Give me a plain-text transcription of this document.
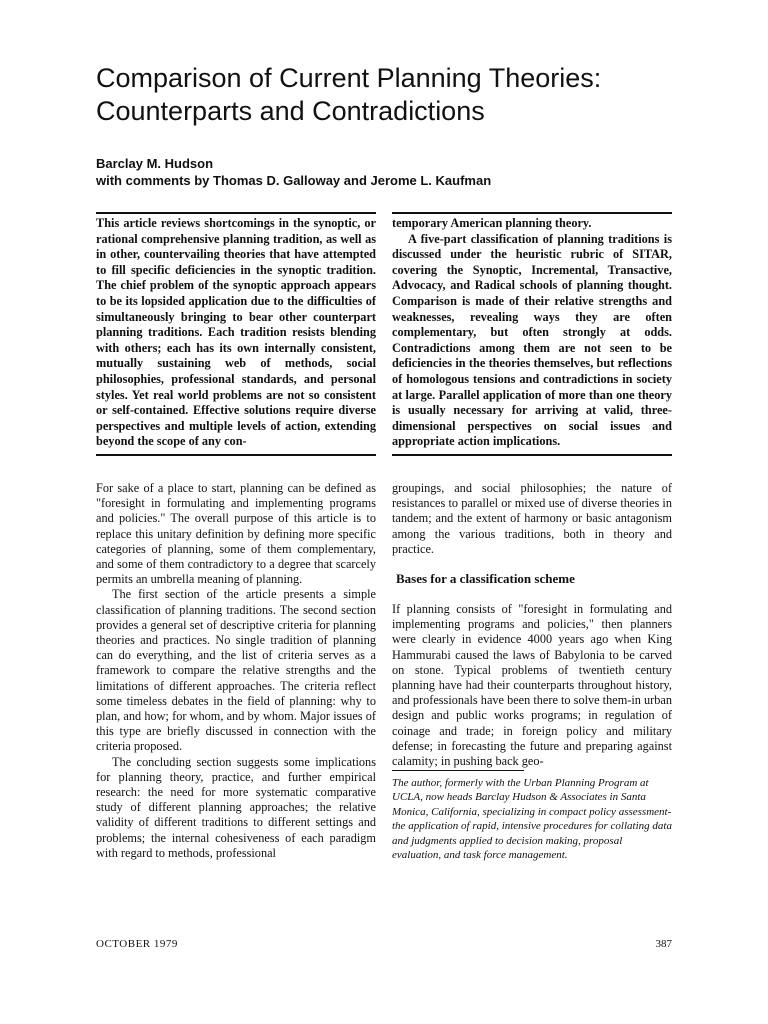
Comparison of Current Planning Theories:
Counterparts and Contradictions
Barclay M. Hudson
with comments by Thomas D. Galloway and Jerome L. Kaufman

This article reviews shortcomings in the synoptic, or rational comprehensive planning tradition, as well as in other, countervailing theories that have attempted to fill specific deficiencies in the synoptic tradition. The chief problem of the synoptic approach appears to be its lopsided application due to the difficulties of simultaneously bringing to bear other counterpart planning traditions. Each tradition resists blending with others; each has its own internally consistent, mutually sustaining web of methods, social philosophies, professional standards, and personal styles. Yet real world problems are not so consistent or self-contained. Effective solutions require diverse perspectives and multiple levels of action, extending beyond the scope of any con-

temporary American planning theory.

A five-part classification of planning traditions is discussed under the heuristic rubric of SITAR, covering the Synoptic, Incremental, Transactive, Advocacy, and Radical schools of planning thought. Comparison is made of their relative strengths and weaknesses, revealing ways they are often complementary, but often strongly at odds. Contradictions among them are not seen to be deficiencies in the theories themselves, but reflections of homologous tensions and contradictions in society at large. Parallel application of more than one theory is usually necessary for arriving at valid, three-dimensional perspectives on social issues and appropriate action implications.

For sake of a place to start, planning can be defined as "foresight in formulating and implementing programs and policies." The overall purpose of this article is to replace this unitary definition by defining more specific categories of planning, some of them complementary, and some of them contradictory to a degree that scarcely permits an umbrella meaning of planning.

The first section of the article presents a simple classification of planning traditions. The second section provides a general set of descriptive criteria for planning theories and practices. No single tradition of planning can do everything, and the list of criteria serves as a framework to compare the relative strengths and the limitations of different approaches. The criteria reflect some timeless debates in the field of planning: why to plan, and how; for whom, and by whom. Major issues of this type are briefly discussed in connection with the criteria proposed.

The concluding section suggests some implications for planning theory, practice, and further empirical research: the need for more systematic comparative study of different planning approaches; the relative validity of different traditions to different settings and problems; the internal cohesiveness of each paradigm with regard to methods, professional

groupings, and social philosophies; the nature of resistances to parallel or mixed use of diverse theories in tandem; and the extent of harmony or basic antagonism among the various traditions, both in theory and practice.

Bases for a classification scheme

If planning consists of "foresight in formulating and implementing programs and policies," then planners were clearly in evidence 4000 years ago when King Hammurabi caused the laws of Babylonia to be carved on stone. Typical problems of twentieth century planning have had their counterparts throughout history, and professionals have been there to solve them-in urban design and public works programs; in regulation of coinage and trade; in foreign policy and military defense; in forecasting the future and preparing against calamity; in pushing back geo-

The author, formerly with the Urban Planning Program at UCLA, now heads Barclay Hudson & Associates in Santa Monica, California, specializing in compact policy assessment-the application of rapid, intensive procedures for collating data and judgments applied to decision making, proposal evaluation, and task force management.
OCTOBER 1979	387
